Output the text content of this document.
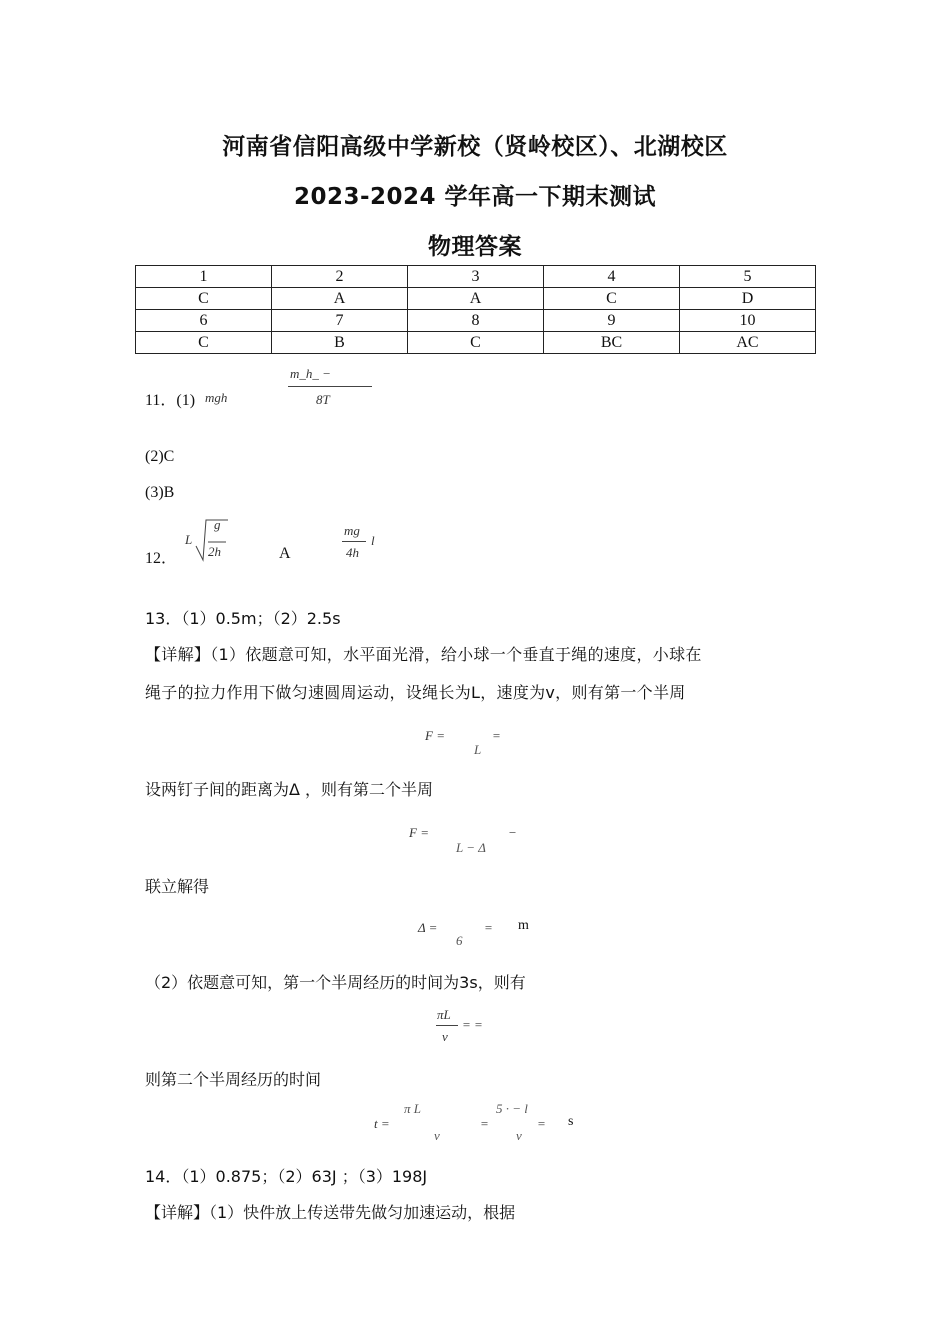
河南省信阳高级中学新校（贤岭校区）、北湖校区
2023-2024 学年高一下期末测试
物理答案
1	2	3	4	5
C	A	A	C	D
6	7	8	9	10
C	B	C	BC	AC
11．(1) mgh
m_h_ −
8T
(2)C
(3)B
12．
L
g
2h	A
mg
4h
l
13．（1）0.5m；（2）2.5s
【详解】（1）依题意可知，水平面光滑，给小球一个垂直于绳的速度，小球在
绳子的拉力作用下做匀速圆周运动，设绳长为L，速度为v，则有第一个半周
F =
L
=
设两钉子间的距离为Δ ，则有第二个半周
F =
L − Δ
−
联立解得
Δ =
6
= m
（2）依题意可知，第一个半周经历的时间为3s，则有
πL
v
= =
则第二个半周经历的时间
t =
π L
v
=
5 · − l
v
= s
14．（1）0.875；（2）63J ；（3）198J
【详解】（1）快件放上传送带先做匀加速运动，根据
